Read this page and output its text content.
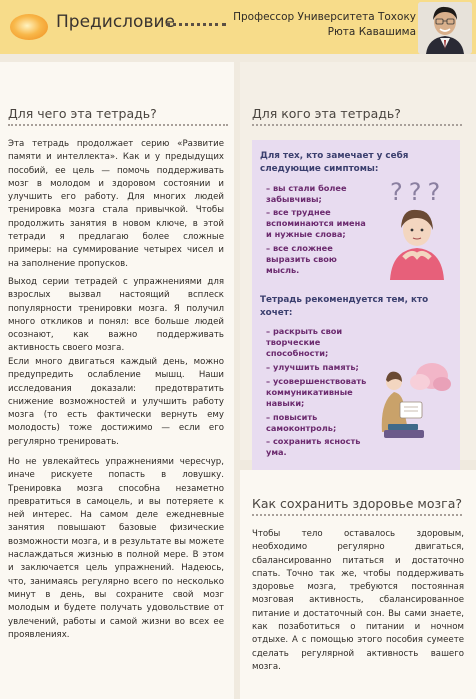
Предисловие	Профессор Университета Тохоку
Рюта Кавашима
Для чего эта тетрадь?
Эта тетрадь продолжает серию «Развитие памяти и интеллекта». Как и у предыдущих пособий, ее цель — помочь поддерживать мозг в молодом и здоровом состоянии и улучшить его работу. Для многих людей тренировка мозга стала привычкой. Чтобы продолжить занятия в новом ключе, в этой тетради я предлагаю более сложные примеры: на суммирование четырех чисел и на заполнение пропусков.
Выход серии тетрадей с упражнениями для взрослых вызвал настоящий всплеск популярности тренировки мозга. Я получил много откликов и понял: все больше людей осознают, как важно поддерживать активность своего мозга.
Если много двигаться каждый день, можно предупредить ослабление мышц. Наши исследования доказали: предотвратить снижение возможностей и улучшить работу мозга (то есть фактически вернуть ему молодость) тоже достижимо — если его регулярно тренировать.
Но не увлекайтесь упражнениями чересчур, иначе рискуете попасть в ловушку. Тренировка мозга способна незаметно превратиться в самоцель, и вы потеряете к ней интерес. На самом деле ежедневные занятия повышают базовые физические возможности мозга, и в результате вы можете наслаждаться жизнью в полной мере. В этом и заключается цель упражнений. Надеюсь, что, занимаясь регулярно всего по несколько минут в день, вы сохраните свой мозг молодым и будете получать удовольствие от увлечений, работы и самой жизни во всех ее проявлениях.
Для кого эта тетрадь?
Для тех, кто замечает у себя следующие симптомы:
– вы стали более забывчивы;
– все труднее вспоминаются имена и нужные слова;
– все сложнее выразить свою мысль.
???
Тетрадь рекомендуется тем, кто хочет:
– раскрыть свои творческие способности;
– улучшить память;
– усовершенствовать коммуникативные навыки;
– повысить самоконтроль;
– сохранить ясность ума.
Как сохранить здоровье мозга?
Чтобы тело оставалось здоровым, необходимо регулярно двигаться, сбалансированно питаться и достаточно спать. Точно так же, чтобы поддерживать здоровье мозга, требуются постоянная мозговая активность, сбалансированное питание и достаточный сон. Вы сами знаете, как позаботиться о питании и ночном отдыхе. А с помощью этого пособия сумеете сделать регулярной активность вашего мозга.
